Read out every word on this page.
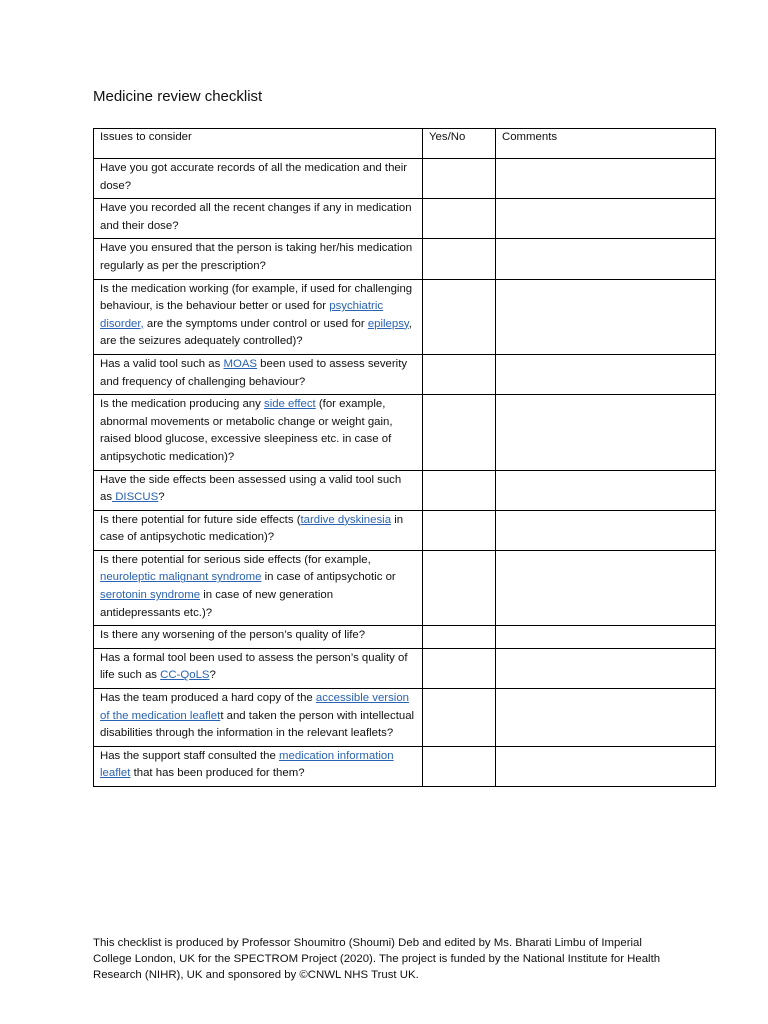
Medicine review checklist
Issues to consider	Yes/No	Comments
Have you got accurate records of all the medication and their dose?		
Have you recorded all the recent changes if any in medication and their dose?		
Have you ensured that the person is taking her/his medication regularly as per the prescription?		
Is the medication working (for example, if used for challenging behaviour, is the behaviour better or used for psychiatric disorder, are the symptoms under control or used for epilepsy, are the seizures adequately controlled)?		
Has a valid tool such as MOAS been used to assess severity and frequency of challenging behaviour?		
Is the medication producing any side effect (for example, abnormal movements or metabolic change or weight gain, raised blood glucose, excessive sleepiness etc. in case of antipsychotic medication)?		
Have the side effects been assessed using a valid tool such as DISCUS?		
Is there potential for future side effects (tardive dyskinesia in case of antipsychotic medication)?		
Is there potential for serious side effects (for example, neuroleptic malignant syndrome in case of antipsychotic or serotonin syndrome in case of new generation antidepressants etc.)?		
Is there any worsening of the person’s quality of life?		
Has a formal tool been used to assess the person’s quality of life such as CC-QoLS?		
Has the team produced a hard copy of the accessible version of the medication leaflett and taken the person with intellectual disabilities through the information in the relevant leaflets?		
Has the support staff consulted the medication information leaflet that has been produced for them?		

This checklist is produced by Professor Shoumitro (Shoumi) Deb and edited by Ms. Bharati Limbu of Imperial College London, UK for the SPECTROM Project (2020). The project is funded by the National Institute for Health Research (NIHR), UK and sponsored by ©CNWL NHS Trust UK.
